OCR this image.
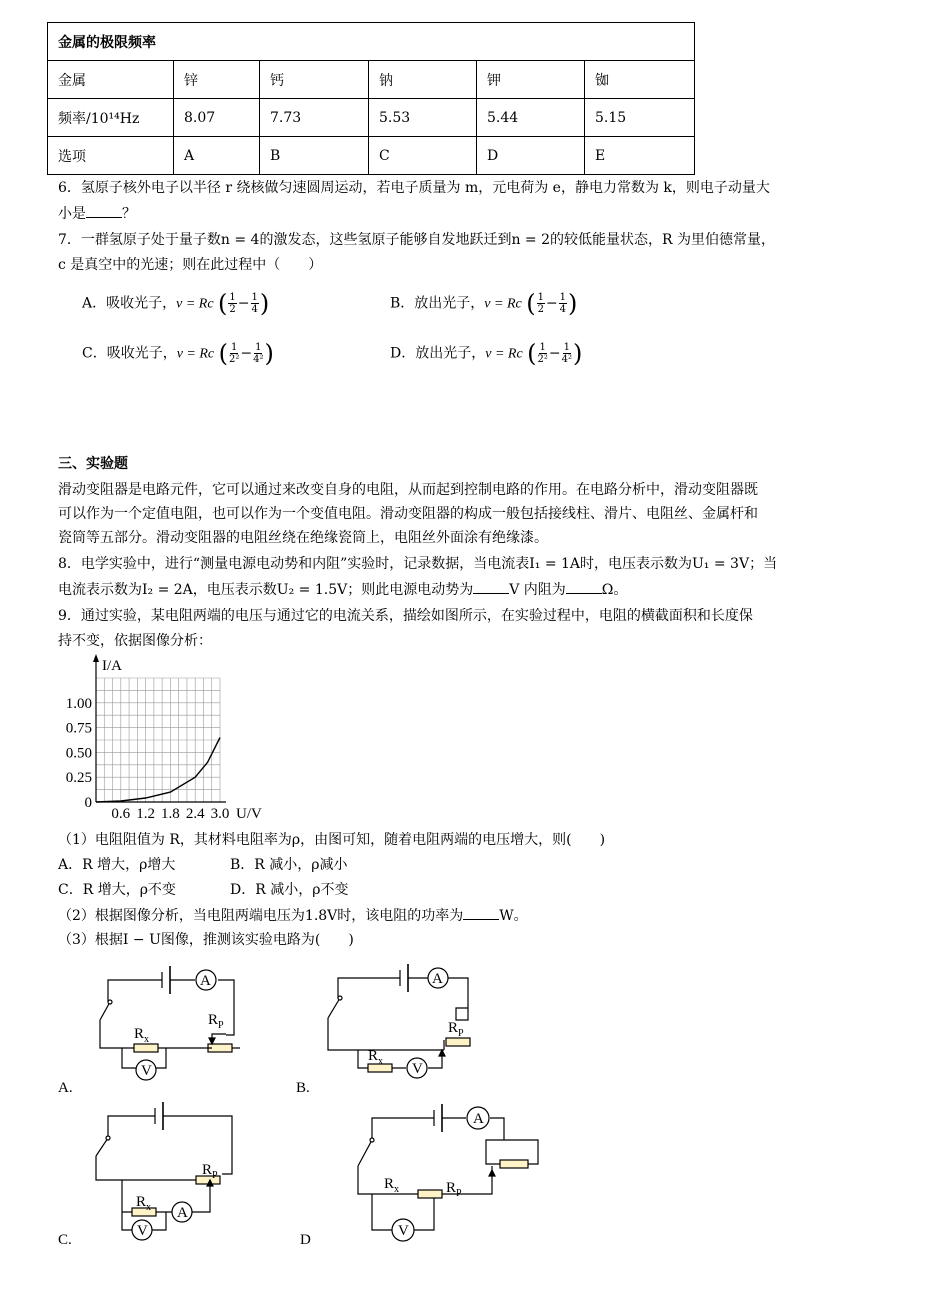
金属的极限频率					
金属	锌	钙	钠	钾	铷
频率/10¹⁴Hz	8.07	7.73	5.53	5.44	5.15
选项	A	B	C	D	E
6．氢原子核外电子以半径 r 绕核做匀速圆周运动，若电子质量为 m，元电荷为 e，静电力常数为 k，则电子动量大
小是	？
7．一群氢原子处于量子数n = 4的激发态，这些氢原子能够自发地跃迁到n = 2的较低能量状态，R 为里伯德常量，
c 是真空中的光速；则在此过程中（　　）
A．吸收光子，ν = Rc ( $\frac{1}{2} - \frac{1}{4}$ )	B．放出光子，ν = Rc ( $\frac{1}{2} - \frac{1}{4}$ )
C．吸收光子，ν = Rc ( $\frac{1}{\text{2²}} - \frac{1}{\text{4²}}$ )	D．放出光子，ν = Rc ( $\frac{1}{\text{2²}} - \frac{1}{\text{4²}}$ )
三、实验题
滑动变阻器是电路元件，它可以通过来改变自身的电阻，从而起到控制电路的作用。在电路分析中，滑动变阻器既
可以作为一个定值电阻，也可以作为一个变值电阻。滑动变阻器的构成一般包括接线柱、滑片、电阻丝、金属杆和
瓷筒等五部分。滑动变阻器的电阻丝绕在绝缘瓷筒上，电阻丝外面涂有绝缘漆。
8．电学实验中，进行“测量电源电动势和内阻”实验时，记录数据，当电流表I₁ = 1A时，电压表示数为U₁ = 3V；当
电流表示数为I₂ = 2A，电压表示数U₂ = 1.5V；则此电源电动势为	V 内阻为	Ω。
9．通过实验，某电阻两端的电压与通过它的电流关系，描绘如图所示，在实验过程中，电阻的横截面积和长度保
持不变，依据图像分析：
I/A
U/V
1.00
0.75
0.50
0.25
0
0.6 1.2 1.8 2.4 3.0
（1）电阻阻值为 R，其材料电阻率为ρ，由图可知，随着电阻两端的电压增大，则(　　)
A．R 增大，ρ增大	B．R 减小，ρ减小
C．R 增大，ρ不变	D．R 减小，ρ不变
（2）根据图像分析，当电阻两端电压为1.8V时，该电阻的功率为	W。
（3）根据I − U图像，推测该实验电路为(　　)
A
V
$R_x$
$R_P$
A.
A
V
$R_x$
$R_P$
B.
A
V
$R_x$
$R_P$
C.
A
V
$R_x$	$R_P$
D
